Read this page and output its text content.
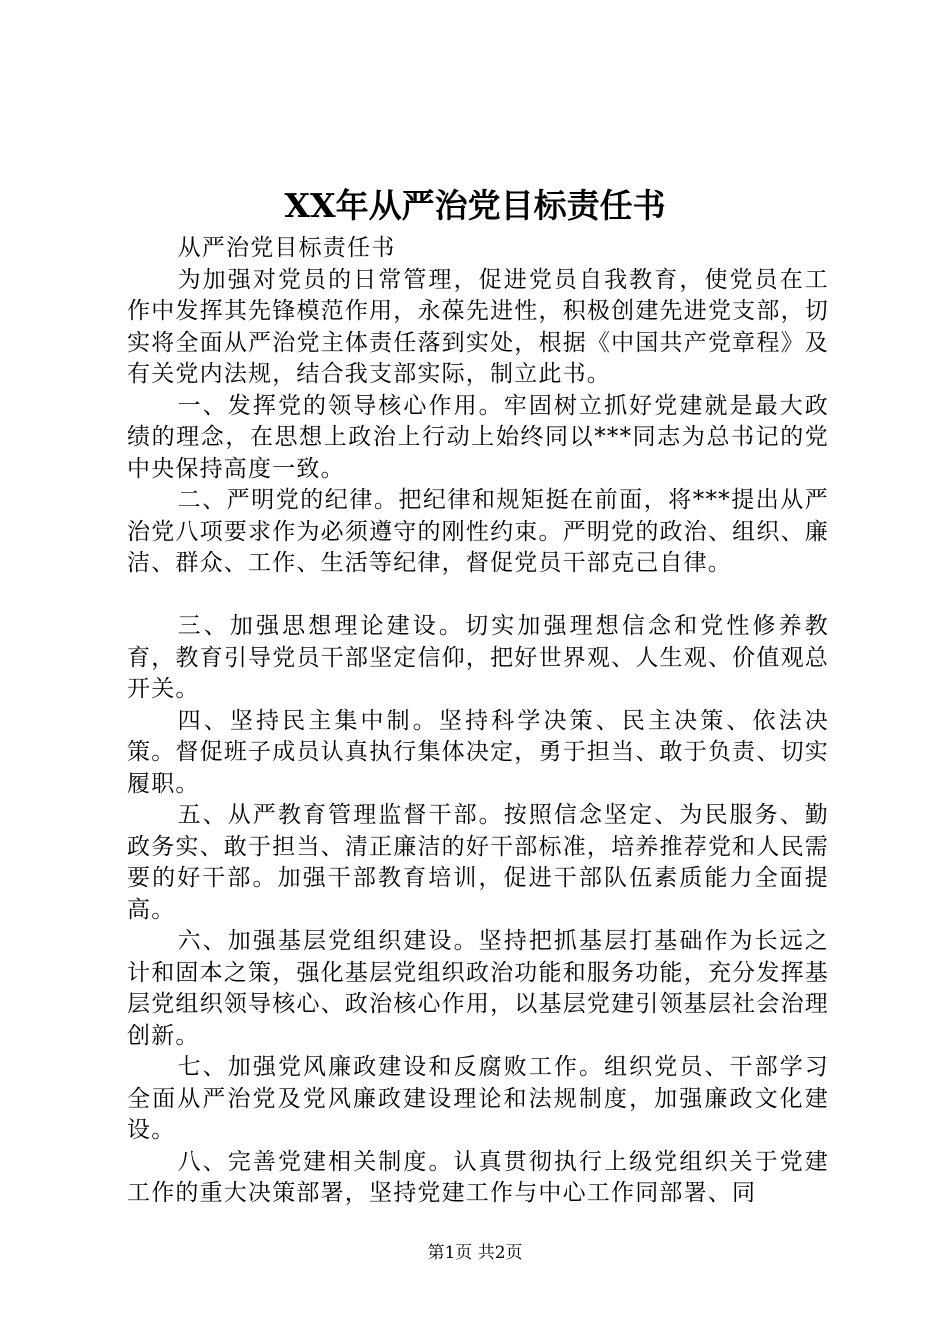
XX年从严治党目标责任书

从严治党目标责任书

为加强对党员的日常管理，促进党员自我教育，使党员在工作中发挥其先锋模范作用，永葆先进性，积极创建先进党支部，切实将全面从严治党主体责任落到实处，根据《中国共产党章程》及有关党内法规，结合我支部实际，制立此书。

一、发挥党的领导核心作用。牢固树立抓好党建就是最大政绩的理念，在思想上政治上行动上始终同以***同志为总书记的党中央保持高度一致。

二、严明党的纪律。把纪律和规矩挺在前面，将***提出从严治党八项要求作为必须遵守的刚性约束。严明党的政治、组织、廉洁、群众、工作、生活等纪律，督促党员干部克己自律。

三、加强思想理论建设。切实加强理想信念和党性修养教育，教育引导党员干部坚定信仰，把好世界观、人生观、价值观总开关。

四、坚持民主集中制。坚持科学决策、民主决策、依法决策。督促班子成员认真执行集体决定，勇于担当、敢于负责、切实履职。

五、从严教育管理监督干部。按照信念坚定、为民服务、勤政务实、敢于担当、清正廉洁的好干部标准，培养推荐党和人民需要的好干部。加强干部教育培训，促进干部队伍素质能力全面提高。

六、加强基层党组织建设。坚持把抓基层打基础作为长远之计和固本之策，强化基层党组织政治功能和服务功能，充分发挥基层党组织领导核心、政治核心作用，以基层党建引领基层社会治理创新。

七、加强党风廉政建设和反腐败工作。组织党员、干部学习全面从严治党及党风廉政建设理论和法规制度，加强廉政文化建设。

八、完善党建相关制度。认真贯彻执行上级党组织关于党建工作的重大决策部署，坚持党建工作与中心工作同部署、同

第1页 共2页
